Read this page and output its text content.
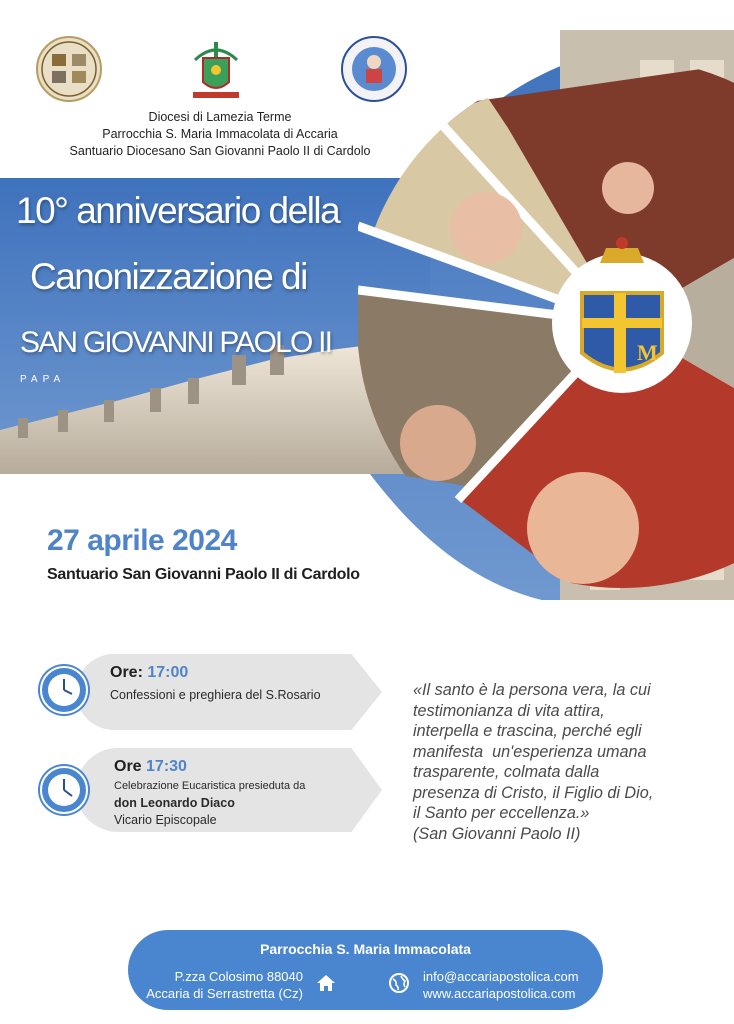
M
Diocesi di Lamezia Terme
Parrocchia S. Maria Immacolata di Accaria
Santuario Diocesano San Giovanni Paolo II di Cardolo
10° anniversario della
Canonizzazione di
SAN GIOVANNI PAOLO II
PAPA
27 aprile 2024
Santuario San Giovanni Paolo II di Cardolo
Ore: 17:00
Confessioni e preghiera del S.Rosario
Ore 17:30
Celebrazione Eucaristica presieduta da
don Leonardo Diaco
Vicario Episcopale
«Il santo è la persona vera, la cui
testimonianza di vita attira,
interpella e trascina, perché egli
manifesta  un'esperienza umana
trasparente, colmata dalla
presenza di Cristo, il Figlio di Dio,
il Santo per eccellenza.»
(San Giovanni Paolo II)
Parrocchia S. Maria Immacolata
P.zza Colosimo 88040
Accaria di Serrastretta (Cz)
info@accariapostolica.com
www.accariapostolica.com
